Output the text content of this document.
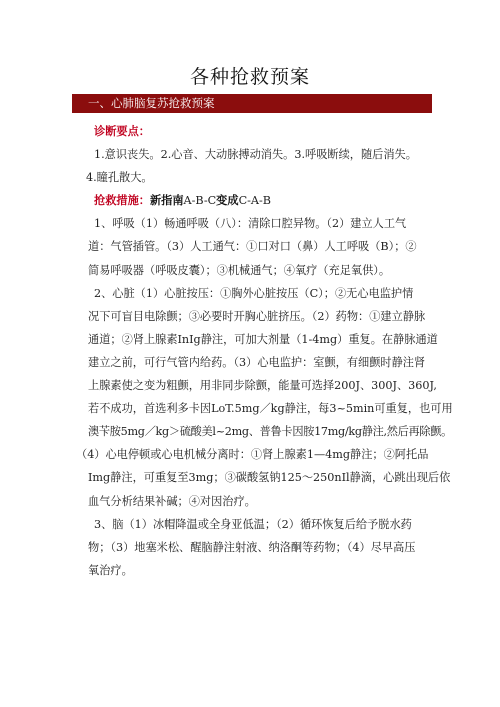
各种抢救预案
一、心肺脑复苏抢救预案

诊断要点：

1.意识丧失。2.心音、大动脉搏动消失。3.呼吸断续，随后消失。

4.瞳孔散大。

抢救措施：新指南A-B-C变成C-A-B

1、呼吸（1）畅通呼吸（八）：清除口腔异物。（2）建立人工气

道：气管插管。（3）人工通气：①口对口（鼻）人工呼吸（B）；②

简易呼吸器（呼吸皮囊）；③机械通气；④氧疗（充足氧供）。

2、心脏（1）心脏按压：①胸外心脏按压（C）；②无心电监护情

况下可盲目电除颤；③必要时开胸心脏挤压。（2）药物：①建立静脉

通道；②肾上腺素InIg静注，可加大剂量（1-4mg）重复。在静脉通道

建立之前，可行气管内给药。（3）心电监护：室颤，有细颤时静注肾

上腺素使之变为粗颤，用非同步除颤，能量可选择200J、300J、360J,

若不成功，首选利多卡因LoT.5mg／kg静注，每3~5min可重复，也可用

澳苄胺5mg／kg＞硫酸美l~2mg、普鲁卡因胺17mg/kg静注,然后再除颤。

（4）心电停顿或心电机械分离时：①肾上腺素1—4mg静注；②阿托品

Img静注，可重复至3mg；③碳酸氢钠125～250nIl静滴，心跳出现后依

血气分析结果补碱；④对因治疗。

3、脑（1）冰帽降温或全身亚低温；（2）循环恢复后给予脱水药

物；（3）地塞米松、醒脑静注射液、纳洛酮等药物；（4）尽早高压

氧治疗。
